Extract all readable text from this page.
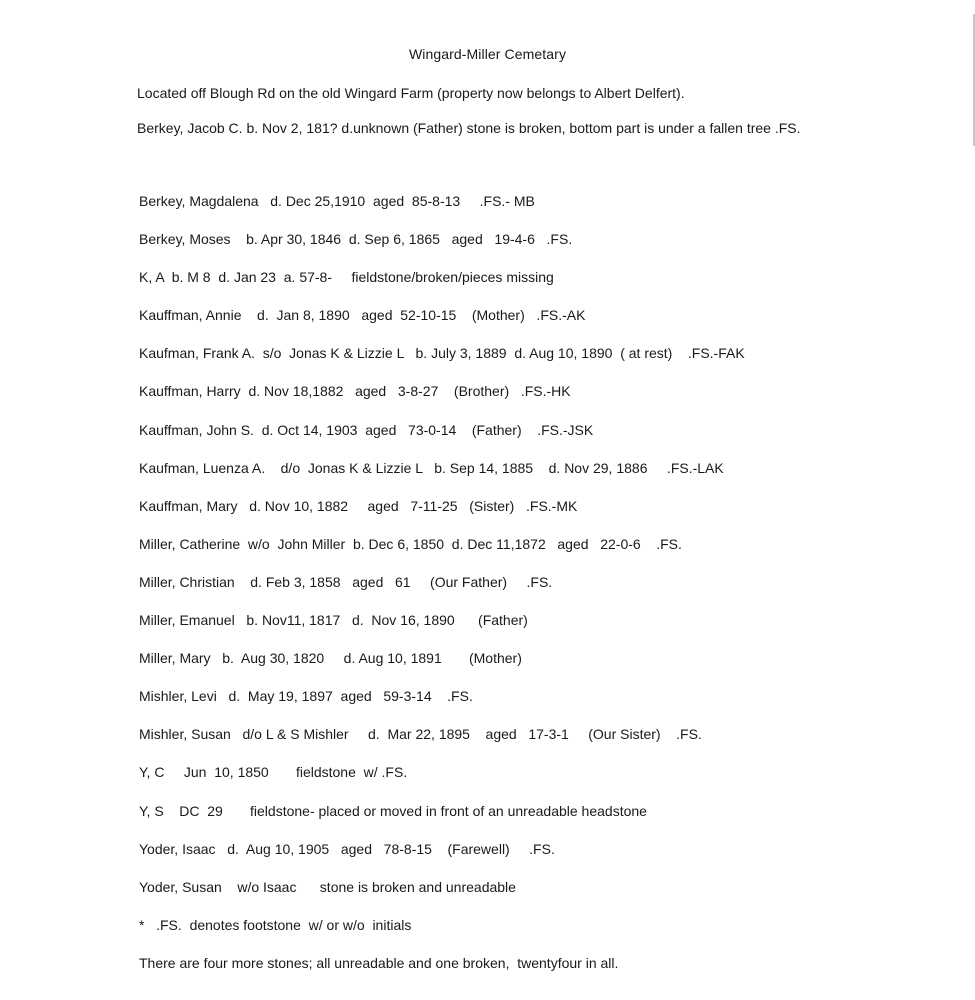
Wingard-Miller Cemetary
Located off Blough Rd on the old Wingard Farm (property now belongs to Albert Delfert).
Berkey, Jacob C. b. Nov 2, 181? d.unknown (Father) stone is broken, bottom part is under a fallen tree .FS.
Berkey, Magdalena   d. Dec 25,1910  aged  85-8-13     .FS.- MB
Berkey, Moses    b. Apr 30, 1846  d. Sep 6, 1865   aged   19-4-6   .FS.
K, A  b. M 8  d. Jan 23  a. 57-8-     fieldstone/broken/pieces missing
Kauffman, Annie    d.  Jan 8, 1890   aged  52-10-15    (Mother)   .FS.-AK
Kaufman, Frank A.  s/o  Jonas K & Lizzie L   b. July 3, 1889  d. Aug 10, 1890  ( at rest)    .FS.-FAK
Kauffman, Harry  d. Nov 18,1882   aged   3-8-27    (Brother)   .FS.-HK
Kauffman, John S.  d. Oct 14, 1903  aged   73-0-14    (Father)    .FS.-JSK
Kaufman, Luenza A.    d/o  Jonas K & Lizzie L   b. Sep 14, 1885    d. Nov 29, 1886     .FS.-LAK
Kauffman, Mary   d. Nov 10, 1882     aged   7-11-25   (Sister)   .FS.-MK
Miller, Catherine  w/o  John Miller  b. Dec 6, 1850  d. Dec 11,1872   aged   22-0-6    .FS.
Miller, Christian    d. Feb 3, 1858   aged   61     (Our Father)     .FS.
Miller, Emanuel   b. Nov11, 1817   d.  Nov 16, 1890      (Father)
Miller, Mary   b.  Aug 30, 1820     d. Aug 10, 1891       (Mother)
Mishler, Levi   d.  May 19, 1897  aged   59-3-14    .FS.
Mishler, Susan   d/o L & S Mishler     d.  Mar 22, 1895    aged   17-3-1     (Our Sister)    .FS.
Y, C     Jun  10, 1850       fieldstone  w/ .FS.
Y, S    DC  29       fieldstone- placed or moved in front of an unreadable headstone
Yoder, Isaac   d.  Aug 10, 1905   aged   78-8-15    (Farewell)     .FS.
Yoder, Susan    w/o Isaac      stone is broken and unreadable
*   .FS.  denotes footstone  w/ or w/o  initials
There are four more stones; all unreadable and one broken,  twentyfour in all.
